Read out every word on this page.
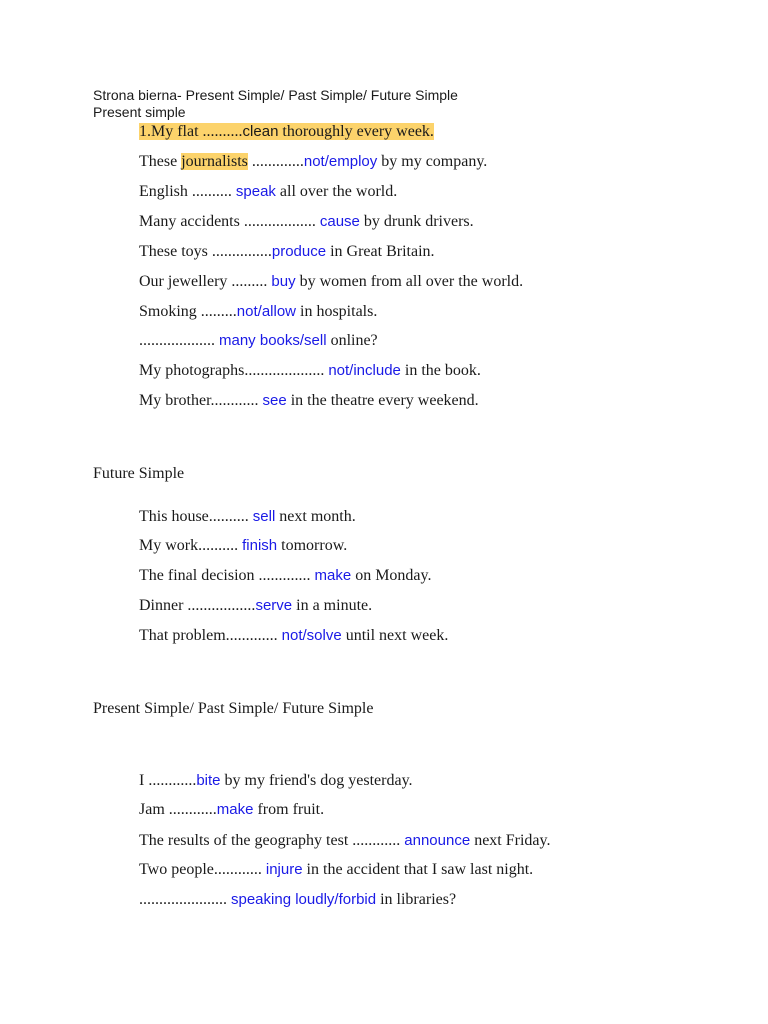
Strona bierna- Present Simple/ Past Simple/ Future Simple
Present simple
1.My flat ..........clean thoroughly every week.
These journalists .............not/employ by my company.
English .......... speak all over the world.
Many accidents .................. cause by drunk drivers.
These toys ...............produce in Great Britain.
Our jewellery ......... buy by women from all over the world.
Smoking .........not/allow in hospitals.
................... many books/sell online?
My photographs.................... not/include in the book.
My brother............ see in the theatre every weekend.
Future Simple
This house.......... sell next month.
My work.......... finish tomorrow.
The final decision ............. make on Monday.
Dinner .................serve in a minute.
That problem............. not/solve until next week.
Present Simple/ Past Simple/ Future Simple
I ............bite by my friend's dog yesterday.
Jam ............make from fruit.
The results of the geography test ............ announce next Friday.
Two people............ injure in the accident that I saw last night.
...................... speaking loudly/forbid in libraries?
